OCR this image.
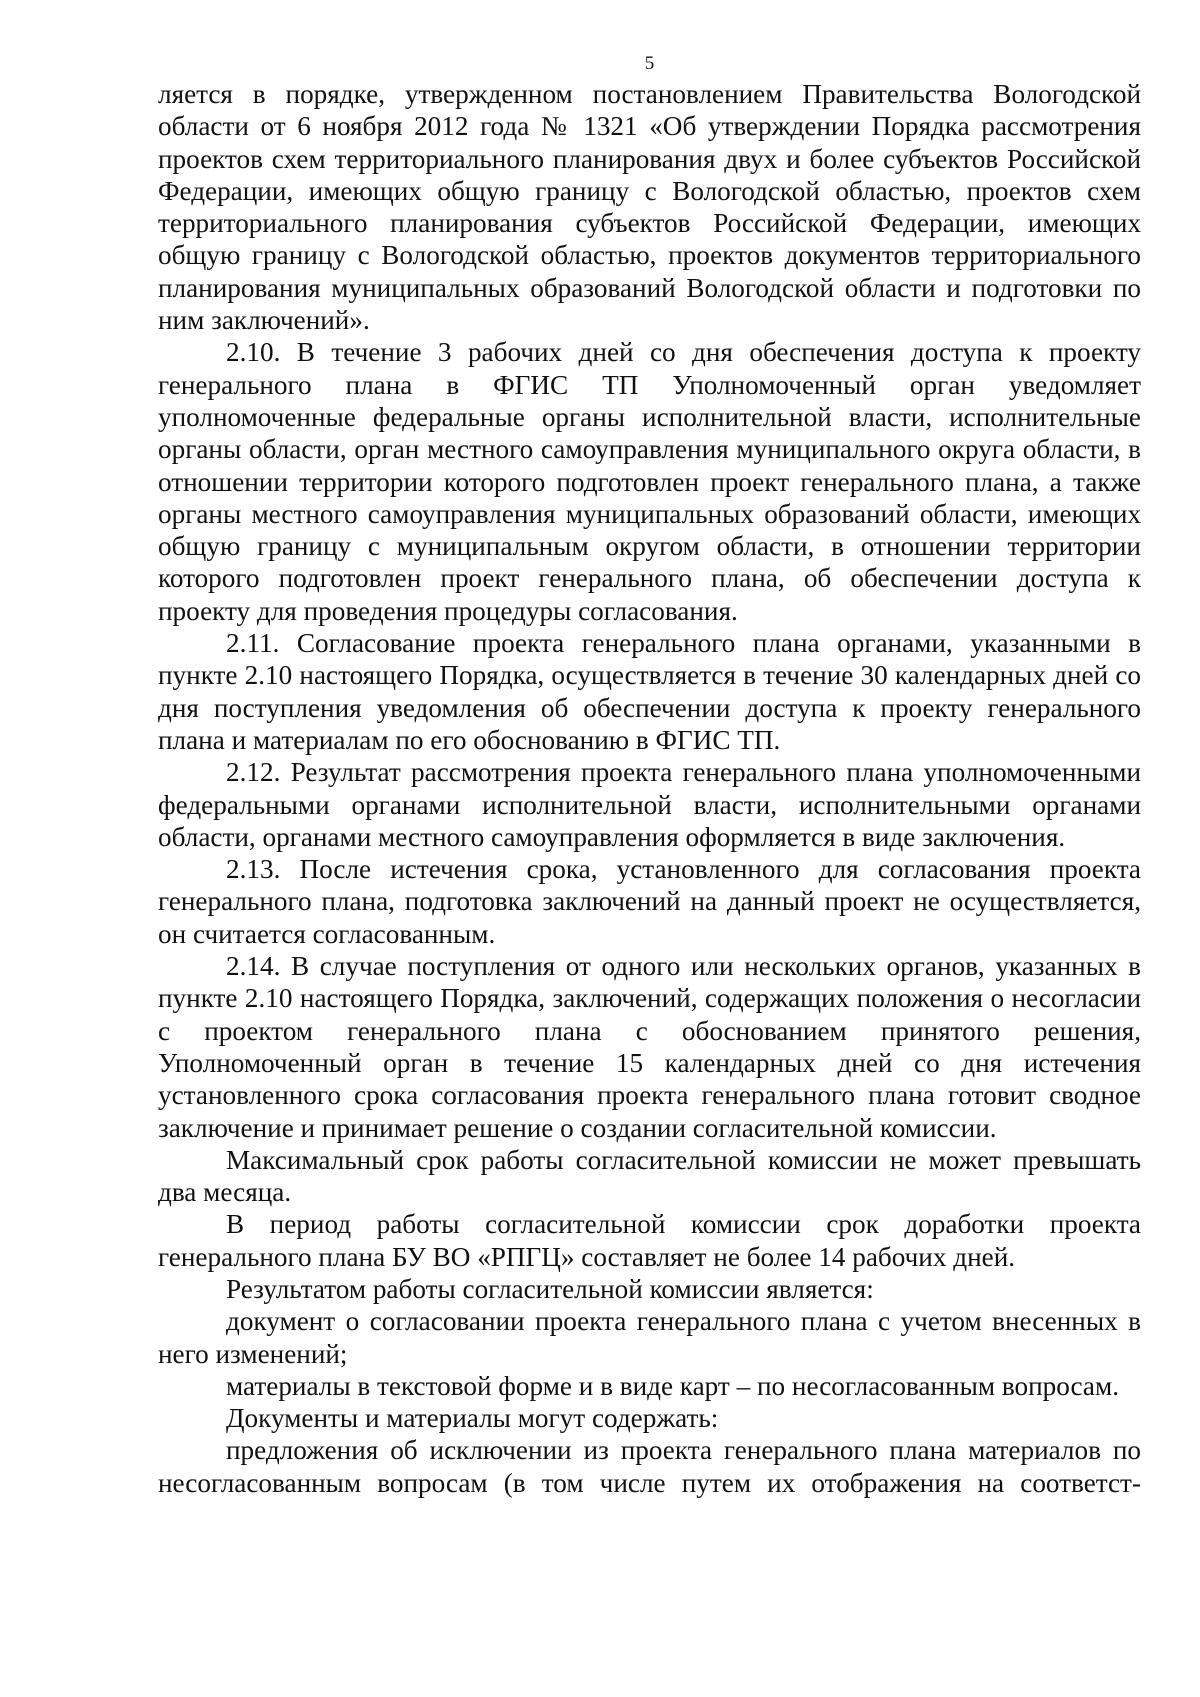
5

ляется в порядке, утвержденном постановлением Правительства Вологодской области от 6 ноября 2012 года № 1321 «Об утверждении Порядка рассмотрения проектов схем территориального планирования двух и более субъектов Российской Федерации, имеющих общую границу с Вологодской областью, проектов схем территориального планирования субъектов Российской Федерации, имеющих общую границу с Вологодской областью, проектов документов территориального планирования муниципальных образований Вологодской области и подготовки по ним заключений».

2.10. В течение 3 рабочих дней со дня обеспечения доступа к проекту генерального плана в ФГИС ТП Уполномоченный орган уведомляет уполномоченные федеральные органы исполнительной власти, исполнительные органы области, орган местного самоуправления муниципального округа области, в отношении территории которого подготовлен проект генерального плана, а также органы местного самоуправления муниципальных образований области, имеющих общую границу с муниципальным округом области, в отношении территории которого подготовлен проект генерального плана, об обеспечении доступа к проекту для проведения процедуры согласования.

2.11. Согласование проекта генерального плана органами, указанными в пункте 2.10 настоящего Порядка, осуществляется в течение 30 календарных дней со дня поступления уведомления об обеспечении доступа к проекту генерального плана и материалам по его обоснованию в ФГИС ТП.

2.12. Результат рассмотрения проекта генерального плана уполномоченными федеральными органами исполнительной власти, исполнительными органами области, органами местного самоуправления оформляется в виде заключения.

2.13. После истечения срока, установленного для согласования проекта генерального плана, подготовка заключений на данный проект не осуществляется, он считается согласованным.

2.14. В случае поступления от одного или нескольких органов, указанных в пункте 2.10 настоящего Порядка, заключений, содержащих положения о несогласии с проектом генерального плана с обоснованием принятого решения, Уполномоченный орган в течение 15 календарных дней со дня истечения установленного срока согласования проекта генерального плана готовит сводное заключение и принимает решение о создании согласительной комиссии.

Максимальный срок работы согласительной комиссии не может превышать два месяца.

В период работы согласительной комиссии срок доработки проекта генерального плана БУ ВО «РПГЦ» составляет не более 14 рабочих дней.

Результатом работы согласительной комиссии является:

документ о согласовании проекта генерального плана с учетом внесенных в него изменений;

материалы в текстовой форме и в виде карт – по несогласованным вопросам.

Документы и материалы могут содержать:

предложения об исключении из проекта генерального плана материалов по несогласованным вопросам (в том числе путем их отображения на соответст-
